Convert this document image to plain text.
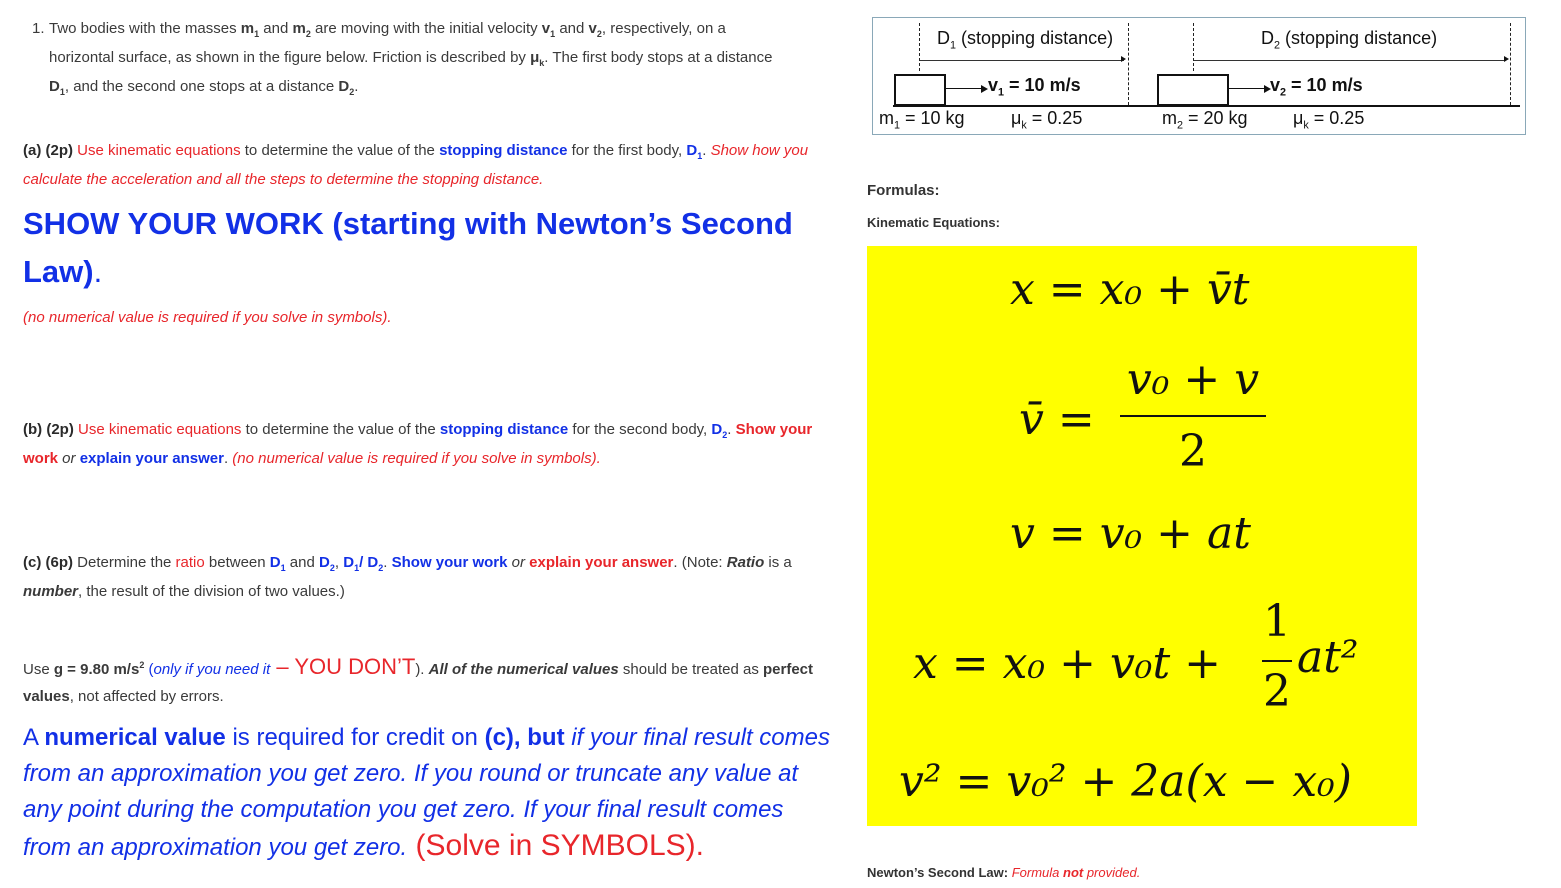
1. Two bodies with the masses $m_1$ and $m_2$ are moving with the initial velocity $v_1$ and $v_2$, respectively, on a
horizontal surface, as shown in the figure below. Friction is described by $\mu_k$. The first body stops at a distance
$D_1$, and the second one stops at a distance $D_2$.
(a) (2p) Use kinematic equations to determine the value of the stopping distance for the first body, $D_1$. Show how you calculate the acceleration and all the steps to determine the stopping distance.
SHOW YOUR WORK (starting with Newton’s Second Law).
(no numerical value is required if you solve in symbols).
(b) (2p) Use kinematic equations to determine the value of the stopping distance for the second body, $D_2$. Show your work or explain your answer. (no numerical value is required if you solve in symbols).
(c) (6p) Determine the ratio between $D_1$ and $D_2$, $D_1/$ $D_2$. Show your work or explain your answer. (Note: Ratio is a number, the result of the division of two values.)
Use g = 9.80 $m/s^2$ (only if you need it – YOU DON’T). All of the numerical values should be treated as perfect values, not affected by errors.
A numerical value is required for credit on (c), but if your final result comes from an approximation you get zero. If you round or truncate any value at any point during the computation you get zero. If your final result comes from an approximation you get zero. (Solve in SYMBOLS).
$D_1$ (stopping distance)	$D_2$ (stopping distance)
$v_1 = 10$ m/s	$v_2 = 10$ m/s
$m_1 = 10$ kg	$\mu_k = 0.25$	$m_2 = 20$ kg	$\mu_k = 0.25$
Formulas:
Kinematic Equations:
x = x₀ + v̄t
v̄ =
v₀ + v
2
v = v₀ + at
x = x₀ + v₀t +
1
2
at²
v² = v₀² + 2a(x − x₀)
Newton’s Second Law: Formula not provided.
